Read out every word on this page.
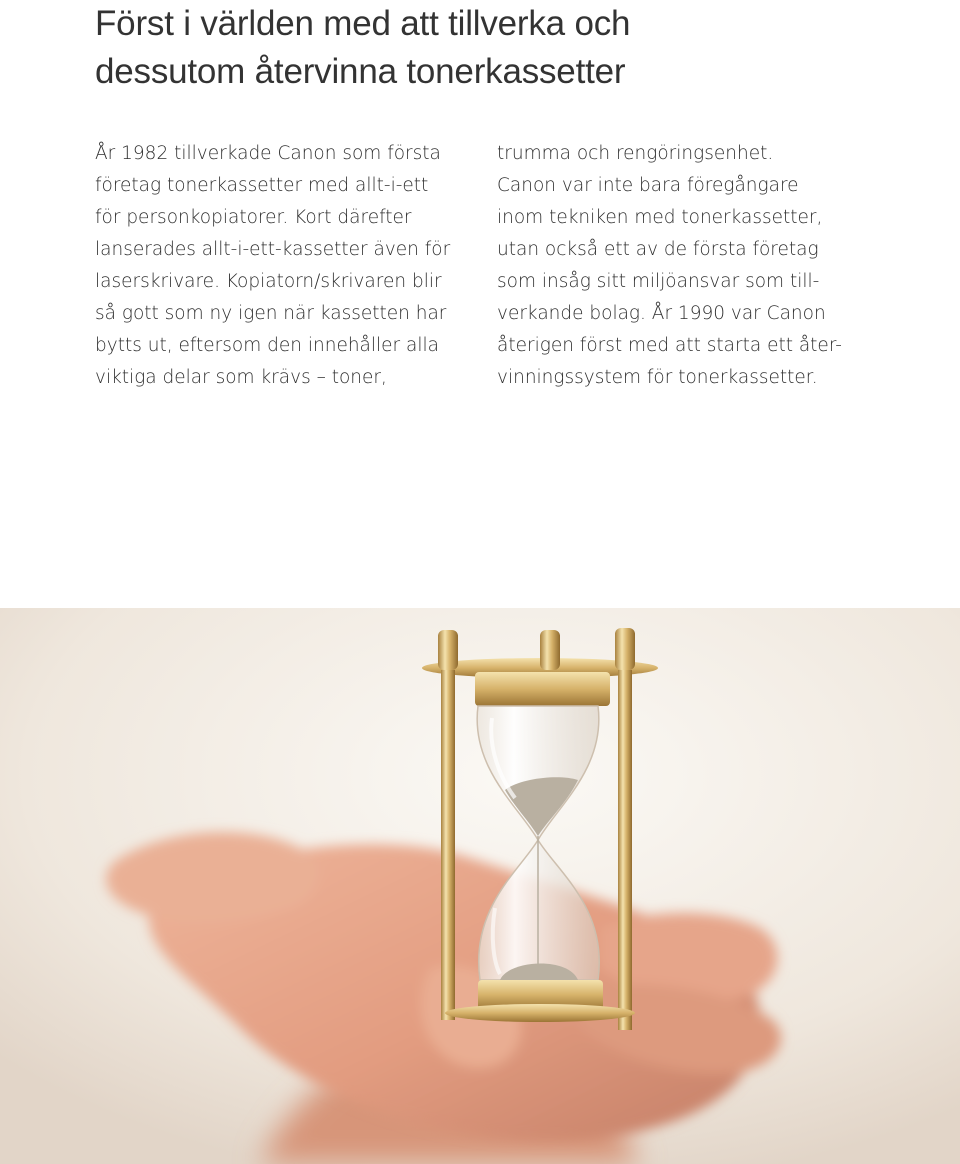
Först i världen med att tillverka och
dessutom återvinna tonerkassetter
År 1982 tillverkade Canon som första
företag tonerkassetter med allt-i-ett
för personkopiatorer. Kort därefter
lanserades allt-i-ett-kassetter även för
laserskrivare. Kopiatorn/skrivaren blir
så gott som ny igen när kassetten har
bytts ut, eftersom den innehåller alla
viktiga delar som krävs – toner,
trumma och rengöringsenhet.
Canon var inte bara föregångare
inom tekniken med tonerkassetter,
utan också ett av de första företag
som insåg sitt miljöansvar som till-
verkande bolag. År 1990 var Canon
återigen först med att starta ett åter-
vinningssystem för tonerkassetter.
